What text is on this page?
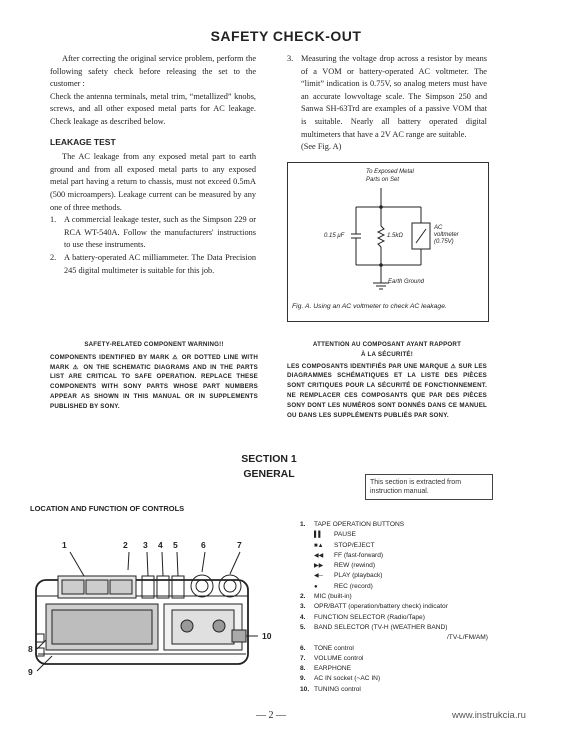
SAFETY CHECK-OUT

After correcting the original service problem, perform the following safety check before releasing the set to the customer :

Check the antenna terminals, metal trim, “metallized” knobs, screws, and all other exposed metal parts for AC leakage. Check leakage as described below.

LEAKAGE TEST

The AC leakage from any exposed metal part to earth ground and from all exposed metal parts to any exposed metal part having a return to chassis, must not exceed 0.5mA (500 microampers). Leakage current can be measured by any one of three methods.

1. A commercial leakage tester, such as the Simpson 229 or RCA WT-540A. Follow the manufacturers' instructions to use these instruments.
2. A battery-operated AC milliammeter. The Data Precision 245 digital multimeter is suitable for this job.
3. Measuring the voltage drop across a resistor by means of a VOM or battery-operated AC voltmeter. The “limit” indication is 0.75V, so analog meters must have an accurate lowvoltage scale. The Simpson 250 and Sanwa SH-63Trd are examples of a passive VOM that is suitable. Nearly all battery operated digital multimeters that have a 2V AC range are suitable.
(See Fig. A)
To Exposed Metal
Parts on Set
0.15 μF	1.5kΩ
AC
voltmeter
(0.75V)
Earth Ground
Fig. A. Using an AC voltmeter to check AC leakage.
SAFETY-RELATED COMPONENT WARNING!!
COMPONENTS IDENTIFIED BY MARK ⚠ OR DOTTED LINE WITH MARK ⚠ ON THE SCHEMATIC DIAGRAMS AND IN THE PARTS LIST ARE CRITICAL TO SAFE OPERATION. REPLACE THESE COMPONENTS WITH SONY PARTS WHOSE PART NUMBERS APPEAR AS SHOWN IN THIS MANUAL OR IN SUPPLEMENTS PUBLISHED BY SONY.
ATTENTION AU COMPOSANT AYANT RAPPORT
À LA SÉCURITÉ!
LES COMPOSANTS IDENTIFIÉS PAR UNE MARQUE ⚠ SUR LES DIAGRAMMES SCHÉMATIQUES ET LA LISTE DES PIÈCES SONT CRITIQUES POUR LA SÉCURITÉ DE FONCTIONNEMENT. NE REMPLACER CES COMPOSANTS QUE PAR DES PIÈCES SONY DONT LES NUMÉROS SONT DONNÉS DANS CE MANUEL OU DANS LES SUPPLÉMENTS PUBLIÉS PAR SONY.
SECTION 1
GENERAL
This section is extracted from instruction manual.
LOCATION AND FUNCTION OF CONTROLS
1	2 3 4 5	6	7
8
9
10
1. TAPE OPERATION BUTTONS
▌▌ PAUSE
■▲ STOP/EJECT
◀◀ FF (fast-forward)
▶▶ REW (rewind)
◀─ PLAY (playback)
● REC (record)
2. MIC (built-in)
3. OPR/BATT (operation/battery check) indicator
4. FUNCTION SELECTOR (Radio/Tape)
5. BAND SELECTOR (TV-H (WEATHER BAND)
/TV-L/FM/AM)
6. TONE control
7. VOLUME control
8. EARPHONE
9. AC IN socket (~AC IN)
10. TUNING control
— 2 —	www.instrukcia.ru
